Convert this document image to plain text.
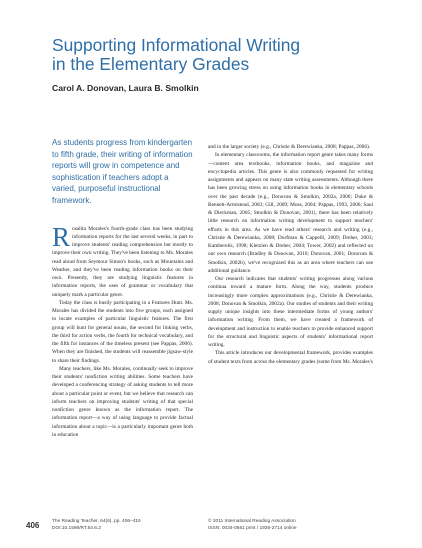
Supporting Informational Writing
in the Elementary Grades
Carol A. Donovan, Laura B. Smolkin

As students progress from kindergarten to fifth grade, their writing of information reports will grow in competence and sophistication if teachers adopt a varied, purposeful instructional framework.

Rosalita Morales's fourth-grade class has been studying information reports for the last several weeks, in part to improve students' reading comprehension but mostly to improve their own writing. They've been listening to Ms. Morales read aloud from Seymour Simon's books, such as Mountains and Weather, and they've been reading information books on their own. Presently, they are studying linguistic features in information reports, the uses of grammar or vocabulary that uniquely mark a particular genre.

Today the class is busily participating in a Features Hunt. Ms. Morales has divided the students into five groups, each assigned to locate examples of particular linguistic features. The first group will hunt for general nouns, the second for linking verbs, the third for action verbs, the fourth for technical vocabulary, and the fifth for instances of the timeless present (see Pappas, 2006). When they are finished, the students will reassemble jigsaw-style to share their findings.

Many teachers, like Ms. Morales, continually seek to improve their students' nonfiction writing abilities. Some teachers have developed a conferencing strategy of asking students to tell more about a particular point or event, but we believe that research can inform teachers on improving students' writing of that special nonfiction genre known as the information report. The information report—a way of using language to provide factual information about a topic—is a particularly important genre both in education

and in the larger society (e.g., Christie & Derewianka, 2008; Pappas, 2006).

In elementary classrooms, the information report genre takes many forms—content area textbooks, information books, and magazine and encyclopedia articles. This genre is also commonly requested for writing assignments and appears on many state writing assessments. Although there has been growing stress on using information books in elementary schools over the past decade (e.g., Donovan & Smolkin, 2002a, 2006; Duke & Bennett-Armistead, 2003; Gill, 2009; Moss, 2004; Pappas, 1993, 2006; Saul & Dieckman, 2005; Smolkin & Donovan, 2001), there has been relatively little research on information writing development to support teachers' efforts in this area. As we have read others' research and writing (e.g., Christie & Derewianka, 2008; Dorfman & Cappelli, 2009; Dreher, 2003; Kamberelis, 1998; Kletzien & Dreher, 2004; Tower, 2002) and reflected on our own research (Bradley & Donovan, 2010; Donovan, 2001; Donovan & Smolkin, 2002b), we've recognized this as an area where teachers can use additional guidance.

Our research indicates that students' writing progresses along various continua toward a mature form. Along the way, students produce increasingly more complex approximations (e.g., Christie & Derewianka, 2008; Donovan & Smolkin, 2002a). Our studies of students and their writing supply unique insights into these intermediate forms of young authors' information writing. From them, we have created a framework of development and instruction to enable teachers to provide enhanced support for the structural and linguistic aspects of students' informational report writing.

This article introduces our developmental framework, provides examples of student texts from across the elementary grades (some from Ms. Morales's

406	The Reading Teacher, 64(6), pp. 406–416
DOI:10.1598/RT.64.6.2
© 2011 International Reading Association
ISSN: 0034-0561 print / 1936-2714 online
